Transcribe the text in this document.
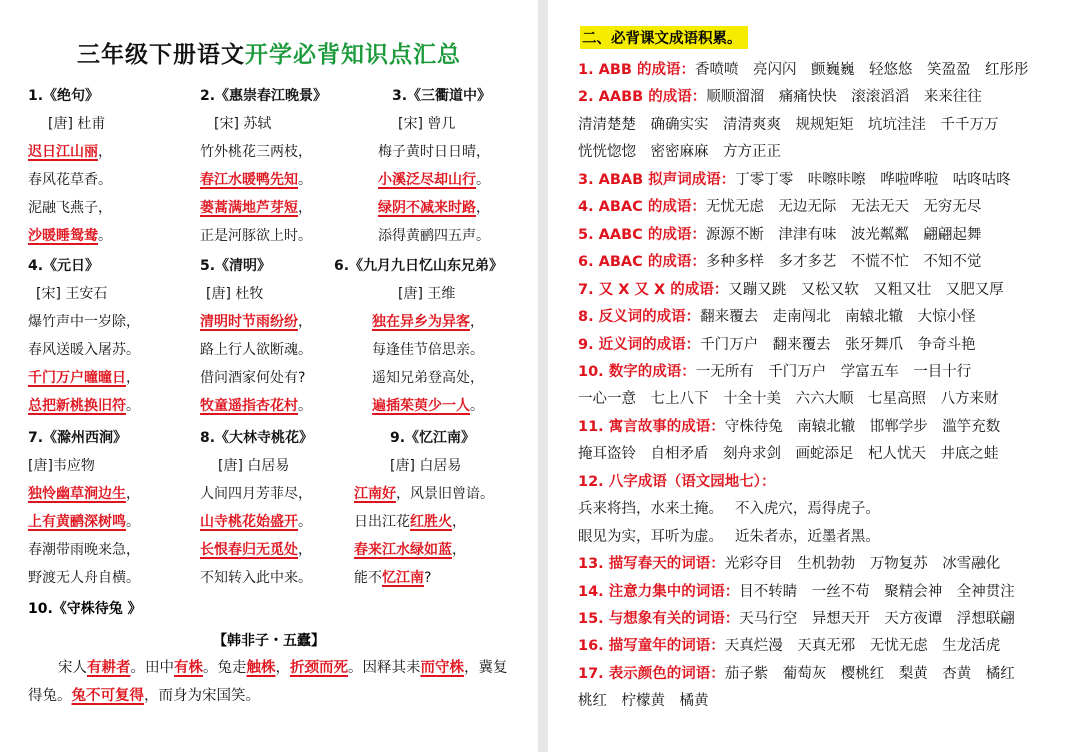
三年级下册语文开学必背知识点汇总
1.《绝句》
[唐] 杜甫
迟日江山丽，
春风花草香。
泥融飞燕子，
沙暖睡鸳鸯。
2.《惠崇春江晚景》
[宋] 苏轼
竹外桃花三两枝，
春江水暖鸭先知。
蒌蒿满地芦芽短，
正是河豚欲上时。
3.《三衢道中》
[宋] 曾几
梅子黄时日日晴，
小溪泛尽却山行。
绿阴不减来时路，
添得黄鹂四五声。
4.《元日》
[宋] 王安石
爆竹声中一岁除，
春风送暖入屠苏。
千门万户曈曈日，
总把新桃换旧符。
5.《清明》
[唐] 杜牧
清明时节雨纷纷，
路上行人欲断魂。
借问酒家何处有?
牧童遥指杏花村。
6.《九月九日忆山东兄弟》
[唐] 王维
独在异乡为异客，
每逢佳节倍思亲。
遥知兄弟登高处，
遍插茱萸少一人。
7.《滁州西涧》
[唐]韦应物
独怜幽草涧边生，
上有黄鹂深树鸣。
春潮带雨晚来急，
野渡无人舟自横。
8.《大林寺桃花》
[唐] 白居易
人间四月芳菲尽，
山寺桃花始盛开。
长恨春归无觅处，
不知转入此中来。
9.《忆江南》
[唐] 白居易
江南好，风景旧曾谙。
日出江花红胜火，
春来江水绿如蓝，
能不忆江南?
10.《守株待兔 》
【韩非子・五蠹】
宋人有耕者。田中有株。兔走触株，折颈而死。因释其耒而守株，冀复得兔。兔不可复得，而身为宋国笑。
二、必背课文成语积累。
1. ABB 的成语：香喷喷　亮闪闪　颤巍巍　轻悠悠　笑盈盈　红彤彤
2. AABB 的成语：顺顺溜溜　痛痛快快　滚滚滔滔　来来往往
清清楚楚　确确实实　清清爽爽　规规矩矩　坑坑洼洼　千千万万
恍恍惚惚　密密麻麻　方方正正
3. ABAB 拟声词成语：丁零丁零　咔嚓咔嚓　哗啦哗啦　咕咚咕咚
4. ABAC 的成语：无忧无虑　无边无际　无法无天　无穷无尽
5. AABC 的成语：源源不断　津津有味　波光粼粼　翩翩起舞
6. ABAC 的成语：多种多样　多才多艺　不慌不忙　不知不觉
7. 又 X 又 X 的成语：又蹦又跳　又松又软　又粗又壮　又肥又厚
8. 反义词的成语：翻来覆去　走南闯北　南辕北辙　大惊小怪
9. 近义词的成语：千门万户　翻来覆去　张牙舞爪　争奇斗艳
10. 数字的成语：一无所有　千门万户　学富五车　一目十行
一心一意　七上八下　十全十美　六六大顺　七星高照　八方来财
11. 寓言故事的成语：守株待兔　南辕北辙　邯郸学步　滥竽充数
掩耳盗铃　自相矛盾　刻舟求剑　画蛇添足　杞人忧天　井底之蛙
12. 八字成语（语文园地七）：
兵来将挡，水来土掩。　 不入虎穴，焉得虎子。
眼见为实，耳听为虚。　 近朱者赤，近墨者黑。
13. 描写春天的词语：光彩夺目　生机勃勃　万物复苏　冰雪融化
14. 注意力集中的词语：目不转睛　一丝不苟　聚精会神　全神贯注
15. 与想象有关的词语：天马行空　异想天开　天方夜谭　浮想联翩
16. 描写童年的词语：天真烂漫　天真无邪　无忧无虑　生龙活虎
17. 表示颜色的词语：茄子紫　葡萄灰　樱桃红　梨黄　杏黄　橘红
桃红　柠檬黄　橘黄
